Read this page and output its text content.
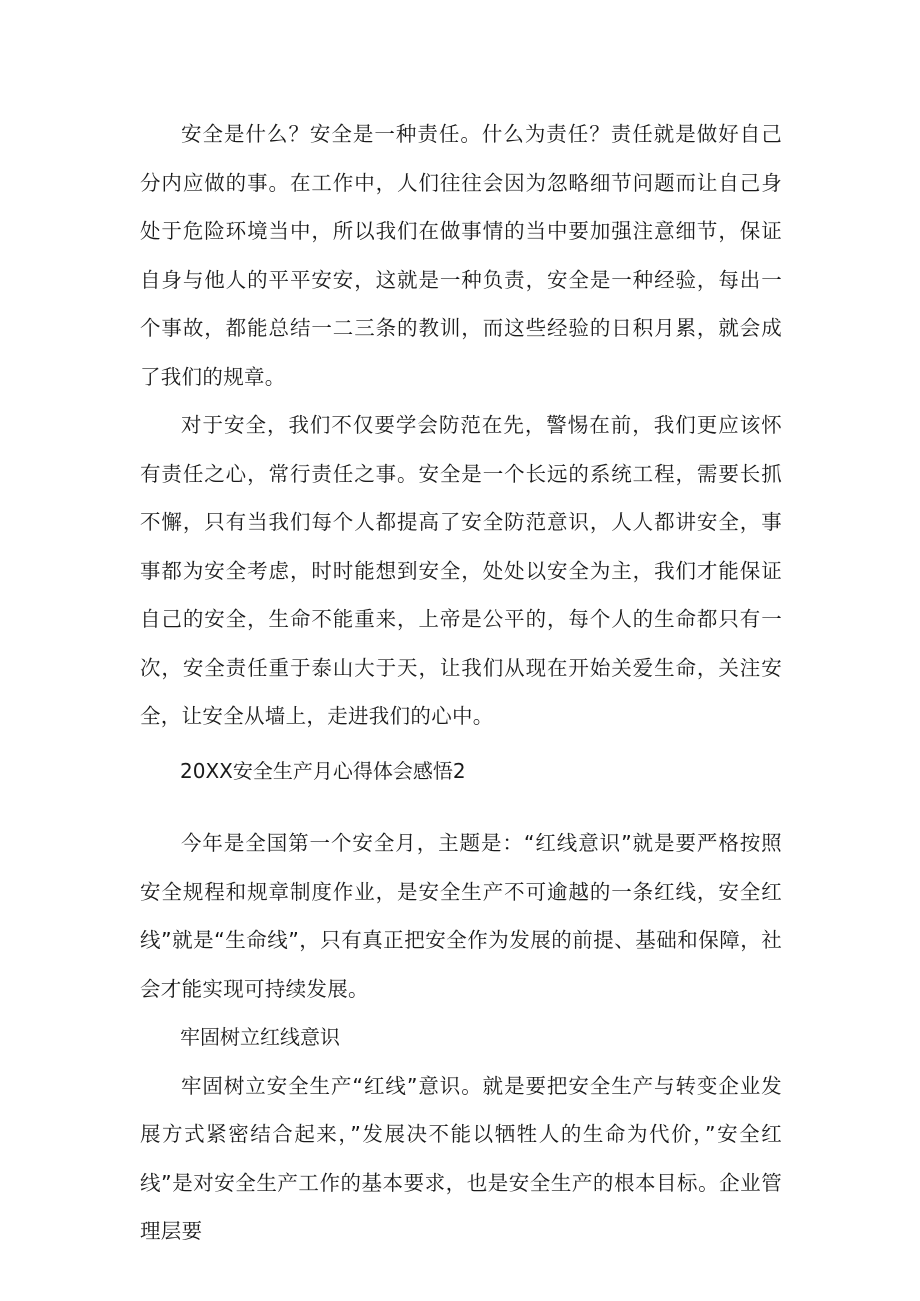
安全是什么？安全是一种责任。什么为责任？责任就是做好自己分内应做的事。在工作中，人们往往会因为忽略细节问题而让自己身处于危险环境当中，所以我们在做事情的当中要加强注意细节，保证自身与他人的平平安安，这就是一种负责，安全是一种经验，每出一个事故，都能总结一二三条的教训，而这些经验的日积月累，就会成了我们的规章。

对于安全，我们不仅要学会防范在先，警惕在前，我们更应该怀有责任之心，常行责任之事。安全是一个长远的系统工程，需要长抓不懈，只有当我们每个人都提高了安全防范意识，人人都讲安全，事事都为安全考虑，时时能想到安全，处处以安全为主，我们才能保证自己的安全，生命不能重来，上帝是公平的，每个人的生命都只有一次，安全责任重于泰山大于天，让我们从现在开始关爱生命，关注安全，让安全从墙上，走进我们的心中。

20XX安全生产月心得体会感悟2

今年是全国第一个安全月，主题是：“红线意识”就是要严格按照安全规程和规章制度作业，是安全生产不可逾越的一条红线，安全红线”就是“生命线”，只有真正把安全作为发展的前提、基础和保障，社会才能实现可持续发展。

牢固树立红线意识

牢固树立安全生产“红线”意识。就是要把安全生产与转变企业发展方式紧密结合起来，”发展决不能以牺牲人的生命为代价，”安全红线”是对安全生产工作的基本要求，也是安全生产的根本目标。企业管理层要
